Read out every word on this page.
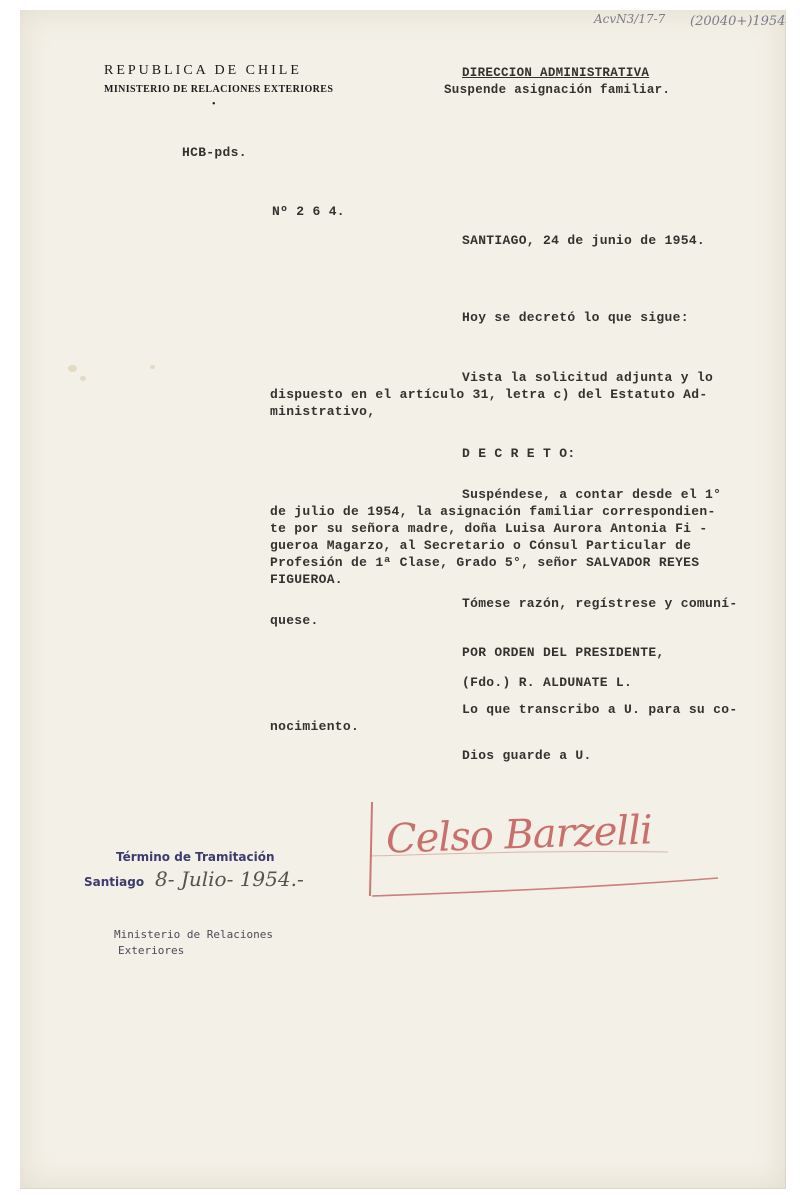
AcvN3/17-7 (20040+)1954
REPUBLICA DE CHILE
MINISTERIO DE RELACIONES EXTERIORES
•
DIRECCION ADMINISTRATIVA
Suspende asignación familiar.
HCB-pds.
Nº 2 6 4.
SANTIAGO, 24 de junio de 1954.
Hoy se decretó lo que sigue:
Vista la solicitud adjunta y lo
dispuesto en el artículo 31, letra c) del Estatuto Ad-
ministrativo,
D E C R E T O:
Suspéndese, a contar desde el 1°
de julio de 1954, la asignación familiar correspondien-
te por su señora madre, doña Luisa Aurora Antonia Fi -
gueroa Magarzo, al Secretario o Cónsul Particular de
Profesión de 1ª Clase, Grado 5°, señor SALVADOR REYES
FIGUEROA.
Tómese razón, regístrese y comuní-
quese.
POR ORDEN DEL PRESIDENTE,
(Fdo.) R. ALDUNATE L.
Lo que transcribo a U. para su co-
nocimiento.
Dios guarde a U.
Celso Barzelli
Término de Tramitación
Santiago 8- Julio- 1954.-
Ministerio de Relaciones
Exteriores
